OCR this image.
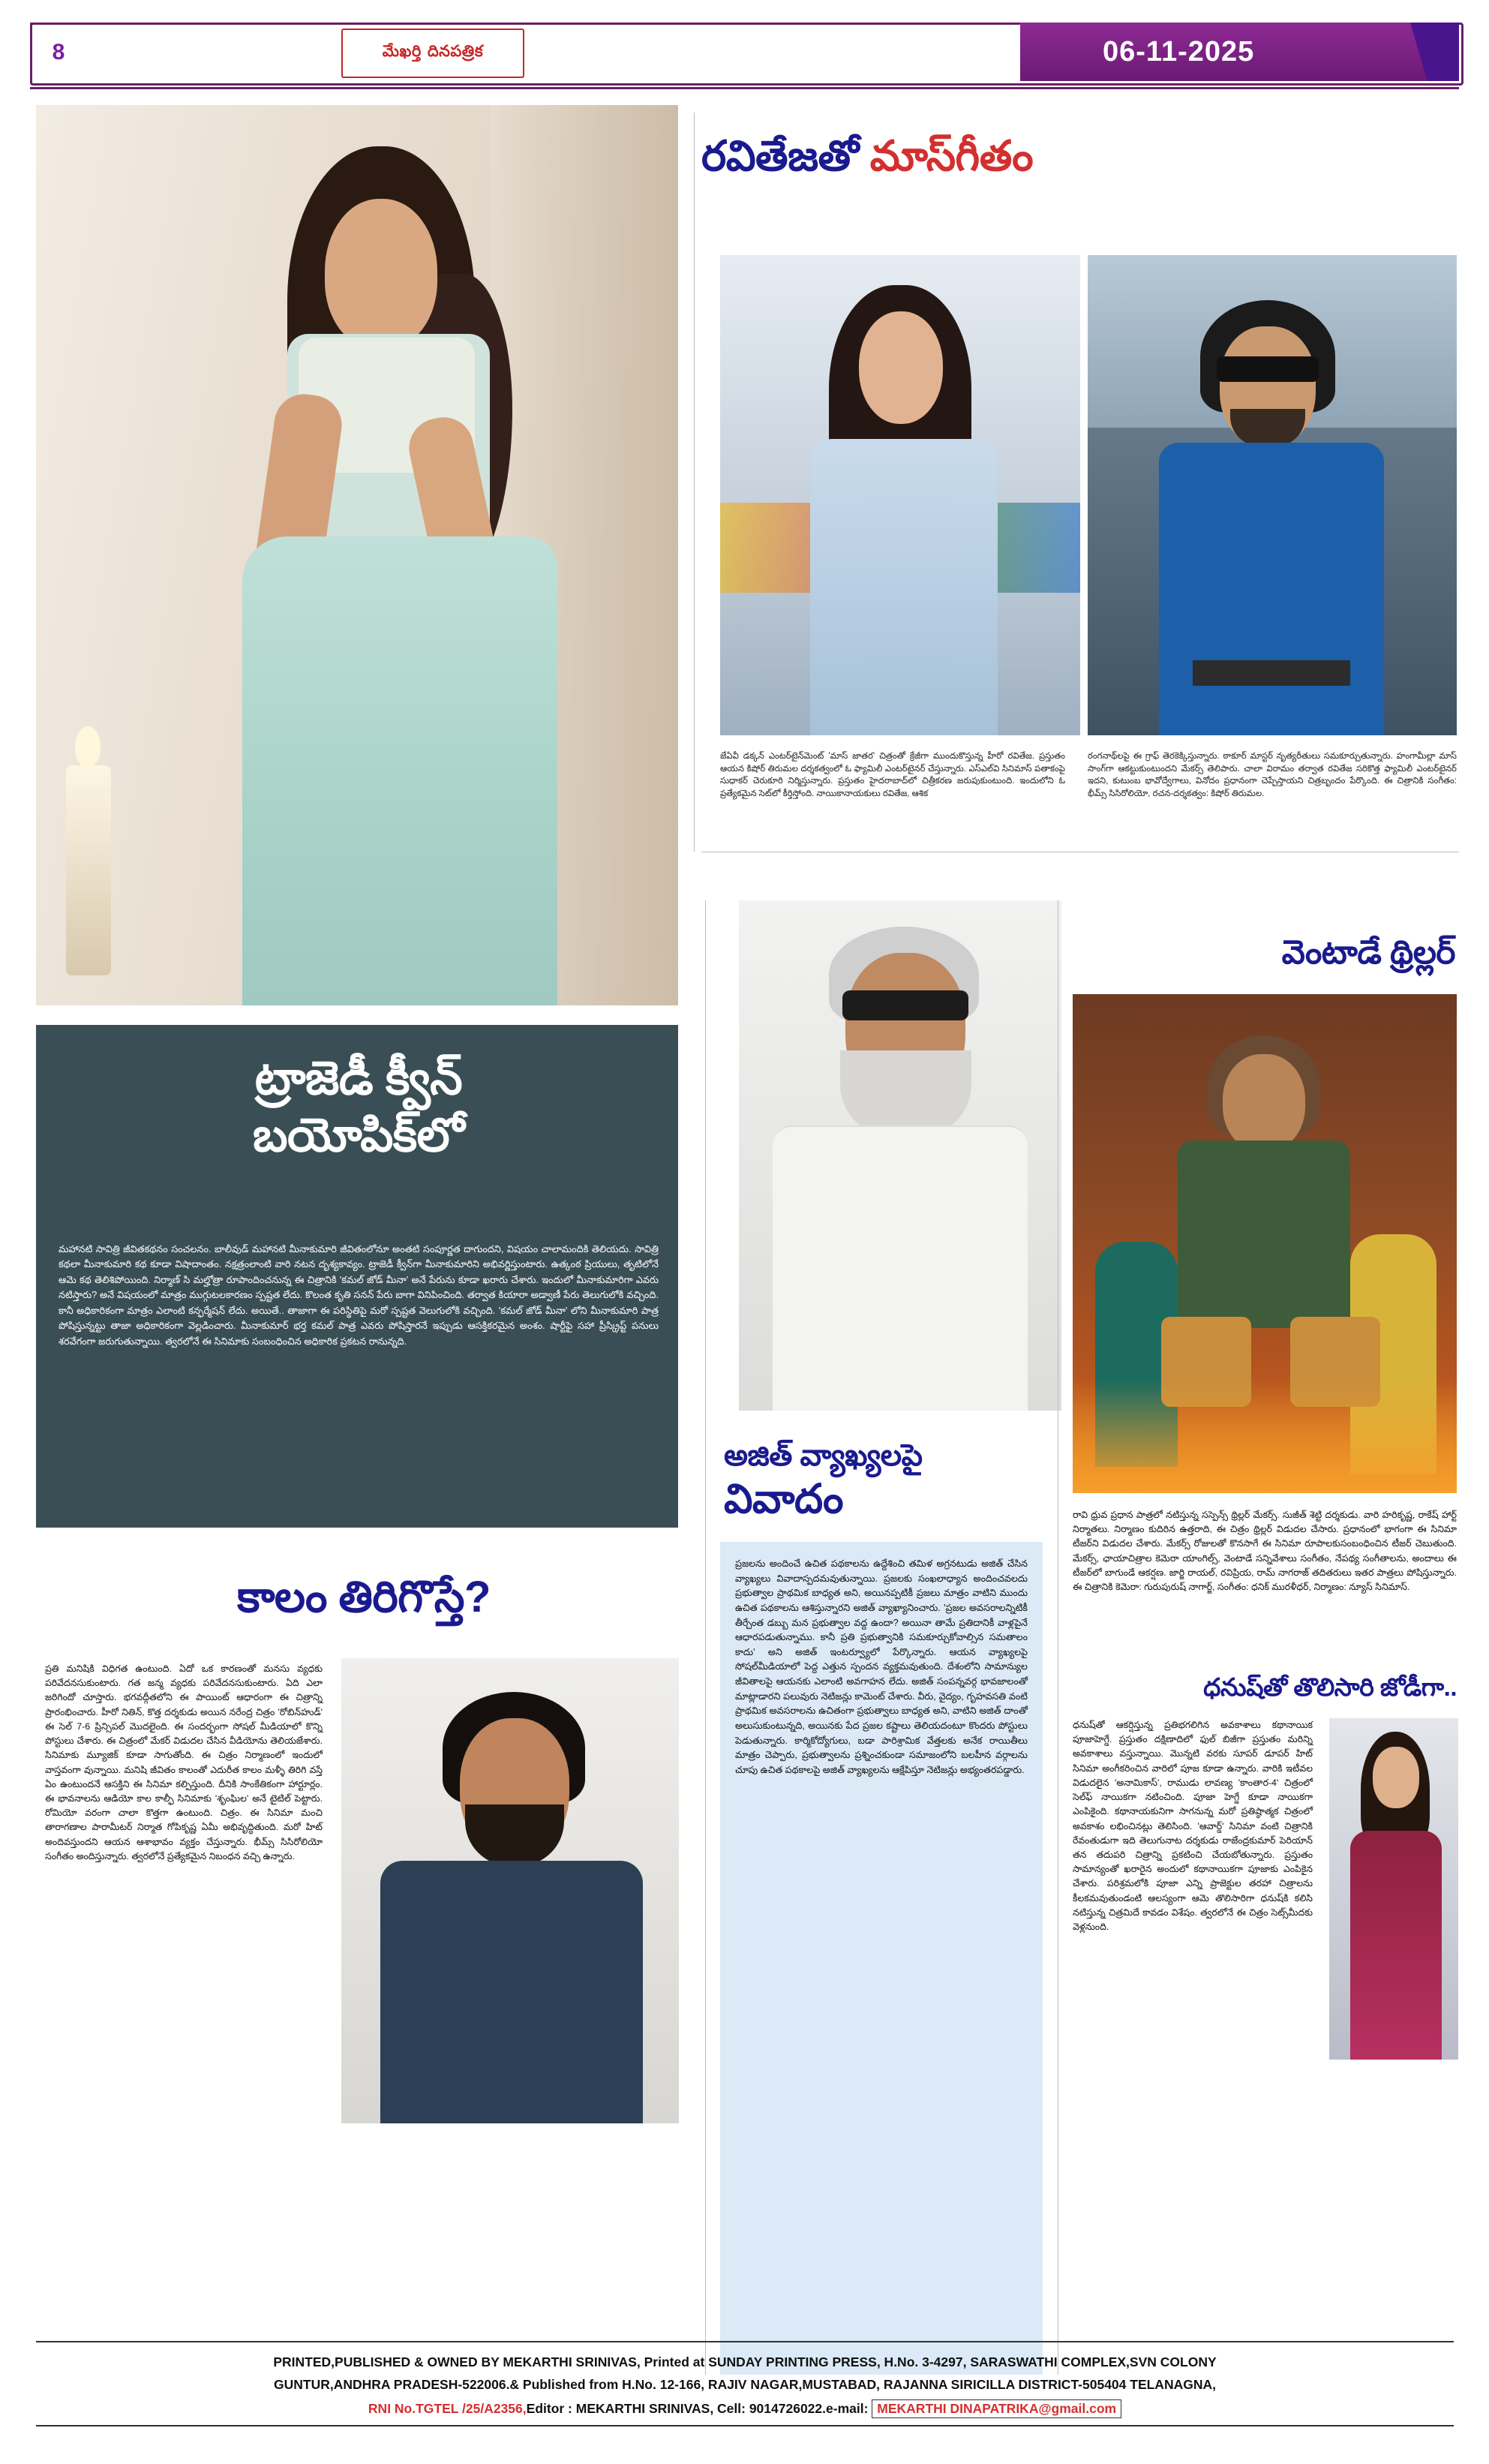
8	మేఖర్తి దినపత్రిక	06-11-2025
రవితేజతో మాస్‌గీతం
జేఏవీ డక్కన్ ఎంటర్‌టైన్‌మెంట్ 'మాస్ జాతర' చిత్రంతో క్రేజీగా ముందుకొస్తున్న హీరో రవితేజ. ప్రస్తుతం ఆయన కిషోర్ తిరుమల దర్శకత్వంలో ఓ ఫ్యామిలీ ఎంటర్‌టైనర్ చేస్తున్నారు. ఎస్‌ఎల్‌వి సినిమాస్ పతాకంపై సుధాకర్ చెరుకూరి నిర్మిస్తున్నారు. ప్రస్తుతం హైదరాబాద్‌లో చిత్రీకరణ జరుపుకుంటుంది. ఇందులోని ఓ ప్రత్యేకమైన సెట్‌లో కీర్తిస్తోంది. నాయికానాయకులు రవితేజ, ఆశిక
రంగనాథ్‌లపై ఈ గ్రాఫ్ తెరకెక్కిస్తున్నారు. ఠాకూర్ మాస్టర్ నృత్యరీతులు సమకూర్చుతున్నారు. హంగామీల్లా మాస్ సాంగ్‌గా ఆకట్టుకుంటుందని మేకర్స్ తెలిపారు. చాలా విరామం తర్వాత రవితేజ సరికొత్త ఫ్యామిలీ ఎంటర్‌టైనర్ ఇదని, కుటుంబ భావోద్వేగాలు, వినోదం ప్రధానంగా చెప్పేస్తాయని చిత్రబృందం పేర్కొంది. ఈ చిత్రానికి సంగీతం: భీమ్స్ సిసిరోలియో, రచన-దర్శకత్వం: కిషోర్ తిరుమల.
ట్రాజెడీ క్వీన్
బయోపిక్‌లో
మహానటి సావిత్రి జీవితకథనం సంచలనం. బాలీవుడ్ మహానటి మీనాకుమారి జీవితంలోనూ అంతటి సంపూర్ణత దాగుందని, విషయం చాలామందికి తెలియదు. సావిత్రి కథలా మీనాకుమారి కథ కూడా విషాదాంతం. నక్షత్రంలాంటి వారి నటన దృశ్యకావ్యం. ట్రాజెడీ క్వీన్‌గా మీనాకుమారిని అభివర్ణిస్తుంటారు. ఉత్కంఠ ప్రియులు, తృటిలోనే ఆమె కథ తెలిశిపోయింది. నిర్మాణ్ సి మల్హోత్రా రూపాందించనున్న ఈ చిత్రానికి 'కమల్ జోడ్ మీనా' అనే పేరును కూడా ఖరారు చేశారు. ఇందులో మీనాకుమారిగా ఎవరు నటిస్తారు? అనే విషయంలో మాత్రం ముగ్గుటలకారణం స్పష్టత లేదు. కొలంత కృతి సనన్ పేరు బాగా వినిపించింది. తర్వాత కియారా అడ్వాణీ పేరు తెలుగులోకి వచ్చింది. కానీ అధికారికంగా మాత్రం ఎలాంటి కన్ఫర్మేషన్ లేదు. అయితే.. తాజాగా ఈ పరిస్థితిపై మరో స్పష్టత వెలుగులోకి వచ్చింది. 'కమల్ జోడ్ మీనా' లోని మీనాకుమారి పాత్ర పోషిస్తున్నట్టు తాజా అధికారికంగా వెల్లడించారు. మీనాకుమార్ భర్త కమల్ పాత్ర ఎవరు పోషిస్తారనే ఇప్పుడు ఆసక్తికరమైన అంశం. షార్టీఫై సహా ప్రీస్క్రిప్ట్ పనులు శరవేగంగా జరుగుతున్నాయి. త్వరలోనే ఈ సినిమాకు సంబంధించిన అధికారిక ప్రకటన రానున్నది.
కాలం తిరిగొస్తే?
ప్రతి మనిషికి విధిగత ఉంటుంది. ఏదో ఒక కారణంతో మనసు వ్యధకు పరివేదనసుకుంటారు. గత జన్మ వ్యధకు పరివేదనసుకుంటారు. ఏది ఎలా జరిగిందో చూస్తారు. భగవద్గీతలోని ఈ పాయింట్ ఆధారంగా ఈ చిత్రాన్ని ప్రారంభించారు. హీరో నితిన్, కొత్త దర్శకుడు అయిన నరేంద్ర చిత్రం 'రోబిన్‌హుడ్' ఈ సెల్ 7-6 ప్రిన్సిపల్ మొదలైంది. ఈ సందర్భంగా సోషల్ మీడియాలో కొన్ని పోస్టులు చేశారు. ఈ చిత్రంలో మేకర్ విడుదల చేసిన వీడియోను తెలియజేశారు. సినిమాకు మ్యూజిక్ కూడా సాగుతోంది. ఈ చిత్రం నిర్మాణంలో ఇందులో వాస్తవంగా వున్నాయి. మనిషి జీవితం కాలంతో ఎదురీత కాలం మళ్ళీ తిరిగి వస్తే ఏం ఉంటుందనే ఆసక్తిని ఈ సినిమా కల్పిస్తుంది. దీనికి సాంకేతికంగా హార్టూర్లం. ఈ భావనాలను ఆడియో కాల కాల్ఫీ సినిమాకు 'శృంఘిల' అనే టైటిల్ పెట్టారు. రోమియో వరంగా చాలా కొత్తగా ఉంటుంది. చిత్రం. ఈ సినిమా మంచి తారాగణాల పారామీటర్ నిర్మాత గోపికృష్ణ ఏమీ అభివృద్ధితుంది. మరో హిట్ అందివస్తుందని ఆయన ఆశాభావం వ్యక్తం చేస్తున్నారు. భీమ్స్ సిసిరోలియో సంగీతం అందిస్తున్నారు. త్వరలోనే ప్రత్యేకమైన నిబంధన వచ్చి ఉన్నారు.
అజిత్ వ్యాఖ్యలపై
వివాదం
ప్రజలను అందించే ఉచిత పథకాలను ఉద్దేశించి తమిళ అగ్రనటుడు అజిత్ చేసిన వ్యాఖ్యలు వివాదాస్పదమవుతున్నాయి. ప్రజలకు సంఖలాధ్యాన అందించవలదు ప్రభుత్వాల ప్రాథమిక బాధ్యత అని, అయినప్పటికీ ప్రజలు మాత్రం వాటిని ముందు ఉచిత పథకాలను ఆశిస్తున్నారని అజిత్ వ్యాఖ్యానించారు. 'ప్రజల అవసరాలన్నిటికీ తీర్చేంత డబ్బు మన ప్రభుత్వాల వద్ద ఉందా? అయినా తామే ప్రతిదానికీ వాళ్లపైనే ఆధారపడుతున్నాము. కానీ ప్రతి ప్రభుత్వానికి సమకూర్చుకోవాల్సిన సమతాలం కాదు' అని అజిత్ ఇంటర్వ్యూలో పేర్కొన్నారు. ఆయన వ్యాఖ్యలపై సోషల్‌మీడియాలో పెద్ద ఎత్తున స్పందన వ్యక్తమవుతుంది. దేశంలోని సామాన్యుల జీవితాలపై ఆయనకు ఎలాంటి అవగాహన లేదు. అజిత్ సంపన్నవర్గ భావజాలంతో మాట్లాడారని పలువురు నెటిజన్లు కామెంట్ చేశారు. వీరు, వైద్యం, గృహవసతి వంటి ప్రాథమిక అవసరాలను ఉచితంగా ప్రభుత్వాలు బాధ్యత అని, వాటిని అజిత్ దాంతో అలుసుకుంటున్నది, అయినకు పేద ప్రజల కష్టాలు తెలియదంటూ కొందరు పోస్టులు పెడుతున్నారు. కార్మికోద్యోగులు, బడా పారిశ్రామిక వేత్తలకు అనేక రాయితీలు మాత్రం చెప్పారు, ప్రభుత్వాలను ప్రశ్నించకుండా సమాజంలోని బలహీన వర్గాలను చూపు ఉచిత పథకాలపై అజిత్ వ్యాఖ్యలను ఆక్షేపిస్తూ నెటిజన్లు అభ్యంతరపడ్డారు.
వెంటాడే థ్రిల్లర్
రావి ధ్రువ ప్రధాన పాత్రలో నటిస్తున్న సస్పెన్స్ థ్రిల్లర్ మేకర్స్. సుజీత్ శెట్టి దర్శకుడు. వారి హరికృష్ణ, రాకేష్ హార్ట్ నిర్మాతలు. నిర్మాణం కుదిరిన ఉత్తరాది, ఈ చిత్రం థ్రిల్లర్ విడుదల చేసారు. ప్రధానంలో భాగంగా ఈ సినిమా టీజర్‌ని విడుదల చేశారు. మేకర్స్ రోజులతో కొనసాగే ఈ సినిమా రూపాలకుసంబంధించిన టీజర్ చెబుతుంది. మేకర్స్, ఛాయాచిత్రాల కెమెరా యాంగిల్స్, వెంటాడే సన్నివేశాలు సంగీతం, నేపథ్య సంగీతాలను, అందాలు ఈ టీజర్‌లో బాగుండే ఆకర్షణ. జార్జి రాయల్, రవిప్రియ, రామ్ నాగరాజ్ తదితరులు ఇతర పాత్రలు పోషిస్తున్నారు. ఈ చిత్రానికి కెమెరా: గురుపురుష్ నాగార్జ్, సంగీతం: ధనిక్ మురళీధర్, నిర్మాణం: న్యూస్ సినిమాస్.
ధనుష్‌తో తొలిసారి జోడీగా..
ధనుష్‌తో ఆకర్షిస్తున్న ప్రతిభగలిగిన అవకాశాలు కథానాయిక పూజాహెగ్డే. ప్రస్తుతం దక్షిణాదిలో ఫుల్ బిజీగా ప్రస్తుతం మరిన్ని అవకాశాలు వస్తున్నాయి. మొన్నటి వరకు సూపర్ డూపర్ హిట్ సినిమా అంగీకరించిన వారిలో పూజ కూడా ఉన్నారు. వారికి ఇటీవల విడుదలైన 'అనామికాస్', రాముడు లావణ్య 'కాంతార-4' చిత్రంలో సెల్‌ఫ్ నాయికగా నటించింది. పూజా హెగ్డే కూడా నాయికగా ఎంపికైంది. కథానాయకునిగా సాగనున్న మరో ప్రతిష్ఠాత్మక చిత్రంలో అవకాశం లభించినట్లు తెలిసింది. 'ఆవార్డ్' సినిమా వంటి చిత్రానికి రేవంతుడుగా ఇది తెలుగునాట దర్శకుడు రాజేంద్రకుమార్ పెరియాన్ తన తదుపరి చిత్రాన్ని ప్రకటించి చేయబోతున్నారు. ప్రస్తుతం సామాన్యంతో ఖరారైన అందులో కథానాయికగా పూజాకు ఎంపికైన చేశారు. పరిశ్రమలోకి పూజా ఎన్ని ప్రాజెక్టుల తరహా చిత్రాలను కీలకమవుతుండంటి ఆలస్యంగా ఆమె తొలిసారిగా ధనుష్‌కి కలిసి నటిస్తున్న చిత్రమిదే కావడం విశేషం. త్వరలోనే ఈ చిత్రం సెట్స్‌మీదకు వెళ్లనుంది.
PRINTED,PUBLISHED & OWNED BY MEKARTHI SRINIVAS, Printed at SUNDAY PRINTING PRESS, H.No. 3-4297, SARASWATHI COMPLEX,SVN COLONY
GUNTUR,ANDHRA PRADESH-522006.& Published from H.No. 12-166, RAJIV NAGAR,MUSTABAD, RAJANNA SIRICILLA DISTRICT-505404 TELANAGNA,
RNI No.TGTEL /25/A2356,Editor : MEKARTHI SRINIVAS, Cell: 9014726022.e-mail: MEKARTHI DINAPATRIKA@gmail.com
